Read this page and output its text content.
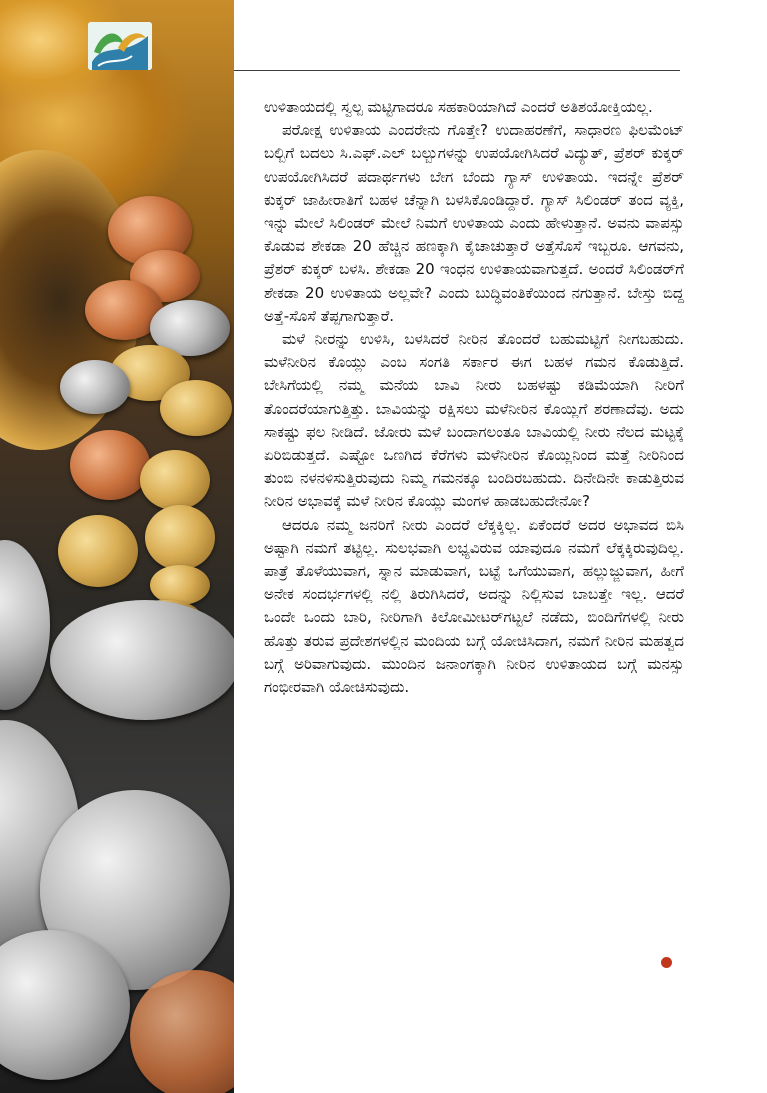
ಉಳಿತಾಯದಲ್ಲಿ ಸ್ವಲ್ಪ ಮಟ್ಟಿಗಾದರೂ ಸಹಕಾರಿಯಾಗಿದೆ ಎಂದರೆ ಅತಿಶಯೋಕ್ತಿಯಲ್ಲ.

ಪರೋಕ್ಷ ಉಳಿತಾಯ ಎಂದರೇನು ಗೊತ್ತೇ? ಉದಾಹರಣೆಗೆ, ಸಾಧಾರಣ ಫಿಲಮೆಂಟ್ ಬಲ್ಬಿಗೆ ಬದಲು ಸಿ.ಎಫ್.ಎಲ್ ಬಲ್ಬುಗಳನ್ನು ಉಪಯೋಗಿಸಿದರೆ ವಿದ್ಯುತ್, ಪ್ರೆಶರ್ ಕುಕ್ಕರ್ ಉಪಯೋಗಿಸಿದರೆ ಪದಾರ್ಥಗಳು ಬೇಗ ಬೆಂದು ಗ್ಯಾಸ್ ಉಳಿತಾಯ. ಇದನ್ನೇ ಪ್ರೆಶರ್ ಕುಕ್ಕರ್ ಜಾಹೀರಾತಿಗೆ ಬಹಳ ಚೆನ್ನಾಗಿ ಬಳಸಿಕೊಂಡಿದ್ದಾರೆ. ಗ್ಯಾಸ್ ಸಿಲಿಂಡರ್ ತಂದ ವ್ಯಕ್ತಿ, ಇನ್ನು ಮೇಲೆ ಸಿಲಿಂಡರ್ ಮೇಲೆ ನಿಮಗೆ ಉಳಿತಾಯ ಎಂದು ಹೇಳುತ್ತಾನೆ. ಅವನು ವಾಪಸ್ಸು ಕೊಡುವ ಶೇಕಡಾ 20 ಹೆಚ್ಚಿನ ಹಣಕ್ಕಾಗಿ ಕೈಚಾಚುತ್ತಾರೆ ಅತ್ತೆಸೊಸೆ ಇಬ್ಬರೂ. ಆಗವನು, ಪ್ರೆಶರ್ ಕುಕ್ಕರ್ ಬಳಸಿ. ಶೇಕಡಾ 20 ಇಂಧನ ಉಳಿತಾಯವಾಗುತ್ತದೆ. ಅಂದರೆ ಸಿಲಿಂಡರ್‌ಗೆ ಶೇಕಡಾ 20 ಉಳಿತಾಯ ಅಲ್ಲವೇ? ಎಂದು ಬುದ್ಧಿವಂತಿಕೆಯಿಂದ ನಗುತ್ತಾನೆ. ಬೇಸ್ತು ಬಿದ್ದ ಅತ್ತೆ-ಸೊಸೆ ತೆಪ್ಪಗಾಗುತ್ತಾರೆ.

ಮಳೆ ನೀರನ್ನು ಉಳಿಸಿ, ಬಳಸಿದರೆ ನೀರಿನ ತೊಂದರೆ ಬಹುಮಟ್ಟಿಗೆ ನೀಗಬಹುದು. ಮಳೆನೀರಿನ ಕೊಯ್ಲು ಎಂಬ ಸಂಗತಿ ಸರ್ಕಾರ ಈಗ ಬಹಳ ಗಮನ ಕೊಡುತ್ತಿದೆ. ಬೇಸಿಗೆಯಲ್ಲಿ ನಮ್ಮ ಮನೆಯ ಬಾವಿ ನೀರು ಬಹಳಷ್ಟು ಕಡಿಮೆಯಾಗಿ ನೀರಿಗೆ ತೊಂದರೆಯಾಗುತ್ತಿತ್ತು. ಬಾವಿಯನ್ನು ರಕ್ಷಿಸಲು ಮಳೆನೀರಿನ ಕೊಯ್ಲಿಗೆ ಶರಣಾದೆವು. ಅದು ಸಾಕಷ್ಟು ಫಲ ನೀಡಿದೆ. ಜೋರು ಮಳೆ ಬಂದಾಗಲಂತೂ ಬಾವಿಯಲ್ಲಿ ನೀರು ನೆಲದ ಮಟ್ಟಕ್ಕೆ ಏರಿಬಿಡುತ್ತದೆ. ಎಷ್ಟೋ ಒಣಗಿದ ಕೆರೆಗಳು ಮಳೆನೀರಿನ ಕೊಯ್ಲಿನಿಂದ ಮತ್ತೆ ನೀರಿನಿಂದ ತುಂಬಿ ನಳನಳಿಸುತ್ತಿರುವುದು ನಿಮ್ಮ ಗಮನಕ್ಕೂ ಬಂದಿರಬಹುದು. ದಿನೇದಿನೇ ಕಾಡುತ್ತಿರುವ ನೀರಿನ ಅಭಾವಕ್ಕೆ ಮಳೆ ನೀರಿನ ಕೊಯ್ಲು ಮಂಗಳ ಹಾಡಬಹುದೇನೋ?

ಆದರೂ ನಮ್ಮ ಜನರಿಗೆ ನೀರು ಎಂದರೆ ಲೆಕ್ಕಕ್ಕಿಲ್ಲ. ಏಕೆಂದರೆ ಅದರ ಅಭಾವದ ಬಿಸಿ ಅಷ್ಟಾಗಿ ನಮಗೆ ತಟ್ಟಿಲ್ಲ. ಸುಲಭವಾಗಿ ಲಭ್ಯವಿರುವ ಯಾವುದೂ ನಮಗೆ ಲೆಕ್ಕಕ್ಕಿರುವುದಿಲ್ಲ. ಪಾತ್ರೆ ತೊಳೆಯುವಾಗ, ಸ್ನಾನ ಮಾಡುವಾಗ, ಬಟ್ಟೆ ಒಗೆಯುವಾಗ, ಹಲ್ಲುಜ್ಜುವಾಗ, ಹೀಗೆ ಅನೇಕ ಸಂದರ್ಭಗಳಲ್ಲಿ ನಲ್ಲಿ ತಿರುಗಿಸಿದರೆ, ಅದನ್ನು ನಿಲ್ಲಿಸುವ ಬಾಬತ್ತೇ ಇಲ್ಲ. ಆದರೆ ಒಂದೇ ಒಂದು ಬಾರಿ, ನೀರಿಗಾಗಿ ಕಿಲೋಮೀಟರ್‌ಗಟ್ಟಲೆ ನಡೆದು, ಬಿಂದಿಗೆಗಳಲ್ಲಿ ನೀರು ಹೊತ್ತು ತರುವ ಪ್ರದೇಶಗಳಲ್ಲಿನ ಮಂದಿಯ ಬಗ್ಗೆ ಯೋಚಿಸಿದಾಗ, ನಮಗೆ ನೀರಿನ ಮಹತ್ವದ ಬಗ್ಗೆ ಅರಿವಾಗುವುದು. ಮುಂದಿನ ಜನಾಂಗಕ್ಕಾಗಿ ನೀರಿನ ಉಳಿತಾಯದ ಬಗ್ಗೆ ಮನಸ್ಸು ಗಂಭೀರವಾಗಿ ಯೋಚಿಸುವುದು.
